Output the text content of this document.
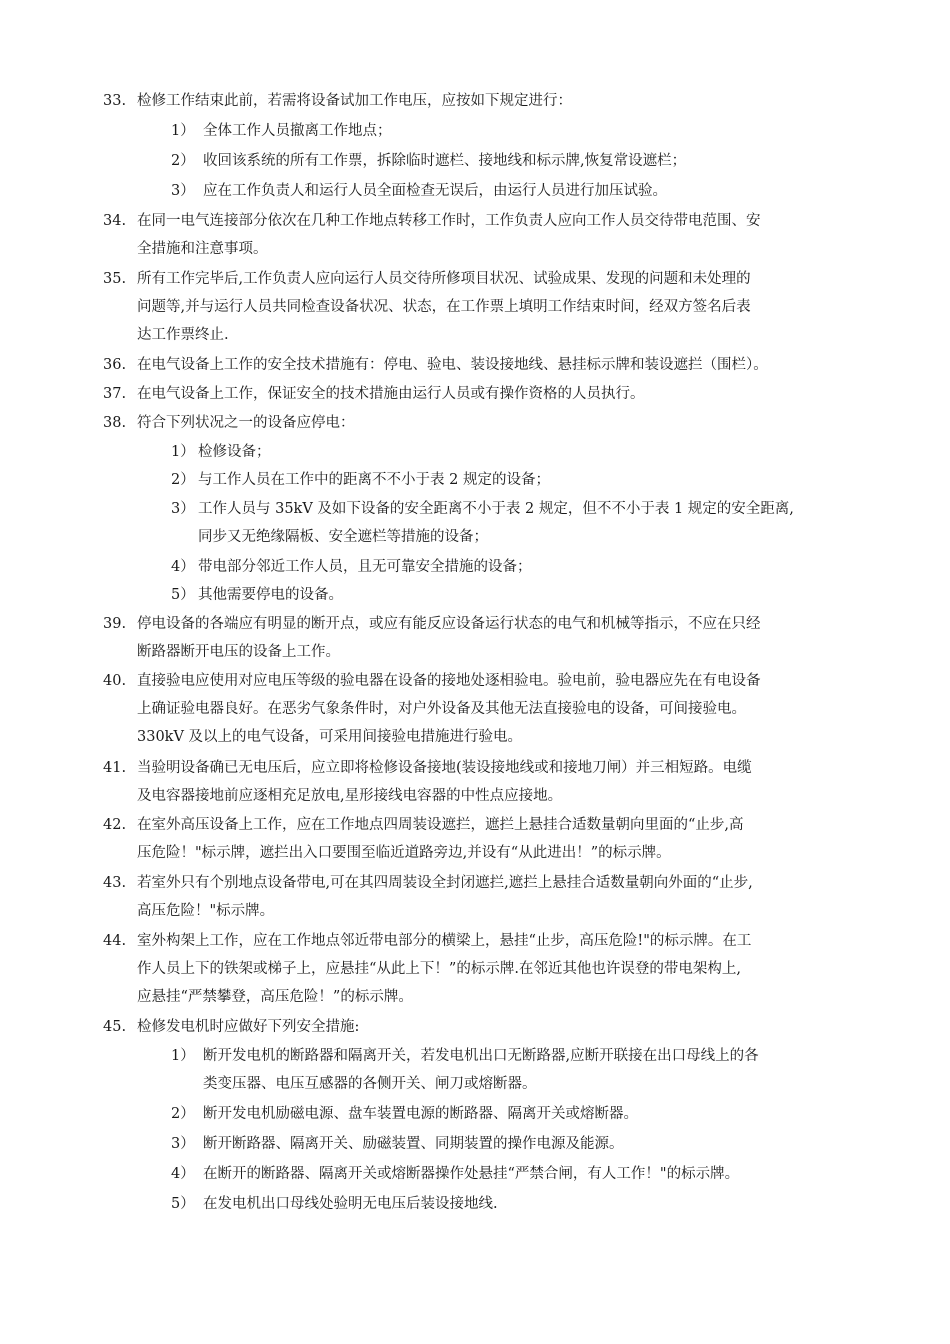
33. 检修工作结束此前，若需将设备试加工作电压，应按如下规定进行：
1） 全体工作人员撤离工作地点；
2） 收回该系统的所有工作票，拆除临时遮栏、接地线和标示牌,恢复常设遮栏；
3） 应在工作负责人和运行人员全面检查无误后，由运行人员进行加压试验。
34. 在同一电气连接部分依次在几种工作地点转移工作时，工作负责人应向工作人员交待带电范围、安
全措施和注意事项。
35. 所有工作完毕后,工作负责人应向运行人员交待所修项目状况、试验成果、发现的问题和未处理的
问题等,并与运行人员共同检查设备状况、状态，在工作票上填明工作结束时间，经双方签名后表
达工作票终止.
36. 在电气设备上工作的安全技术措施有：停电、验电、装设接地线、悬挂标示牌和装设遮拦（围栏）。
37. 在电气设备上工作，保证安全的技术措施由运行人员或有操作资格的人员执行。
38. 符合下列状况之一的设备应停电：
1） 检修设备；
2） 与工作人员在工作中的距离不不小于表 2 规定的设备；
3） 工作人员与 35kV 及如下设备的安全距离不小于表 2 规定，但不不小于表 1 规定的安全距离,
同步又无绝缘隔板、安全遮栏等措施的设备；
4） 带电部分邻近工作人员，且无可靠安全措施的设备；
5） 其他需要停电的设备。
39. 停电设备的各端应有明显的断开点，或应有能反应设备运行状态的电气和机械等指示，不应在只经
断路器断开电压的设备上工作。
40. 直接验电应使用对应电压等级的验电器在设备的接地处逐相验电。验电前，验电器应先在有电设备
上确证验电器良好。在恶劣气象条件时，对户外设备及其他无法直接验电的设备，可间接验电。
330kV 及以上的电气设备，可采用间接验电措施进行验电。
41. 当验明设备确已无电压后，应立即将检修设备接地(装设接地线或和接地刀闸）并三相短路。电缆
及电容器接地前应逐相充足放电,星形接线电容器的中性点应接地。
42. 在室外高压设备上工作，应在工作地点四周装设遮拦，遮拦上悬挂合适数量朝向里面的“止步,高
压危险！"标示牌，遮拦出入口要围至临近道路旁边,并设有“从此进出！”的标示牌。
43. 若室外只有个别地点设备带电,可在其四周装设全封闭遮拦,遮拦上悬挂合适数量朝向外面的“止步,
高压危险！"标示牌。
44. 室外构架上工作，应在工作地点邻近带电部分的横梁上，悬挂“止步，高压危险!"的标示牌。在工
作人员上下的铁架或梯子上，应悬挂“从此上下！”的标示牌.在邻近其他也许误登的带电架构上,
应悬挂“严禁攀登，高压危险！”的标示牌。
45. 检修发电机时应做好下列安全措施:
1） 断开发电机的断路器和隔离开关，若发电机出口无断路器,应断开联接在出口母线上的各
类变压器、电压互感器的各侧开关、闸刀或熔断器。
2） 断开发电机励磁电源、盘车装置电源的断路器、隔离开关或熔断器。
3） 断开断路器、隔离开关、励磁装置、同期装置的操作电源及能源。
4） 在断开的断路器、隔离开关或熔断器操作处悬挂“严禁合闸，有人工作！"的标示牌。
5） 在发电机出口母线处验明无电压后装设接地线.
